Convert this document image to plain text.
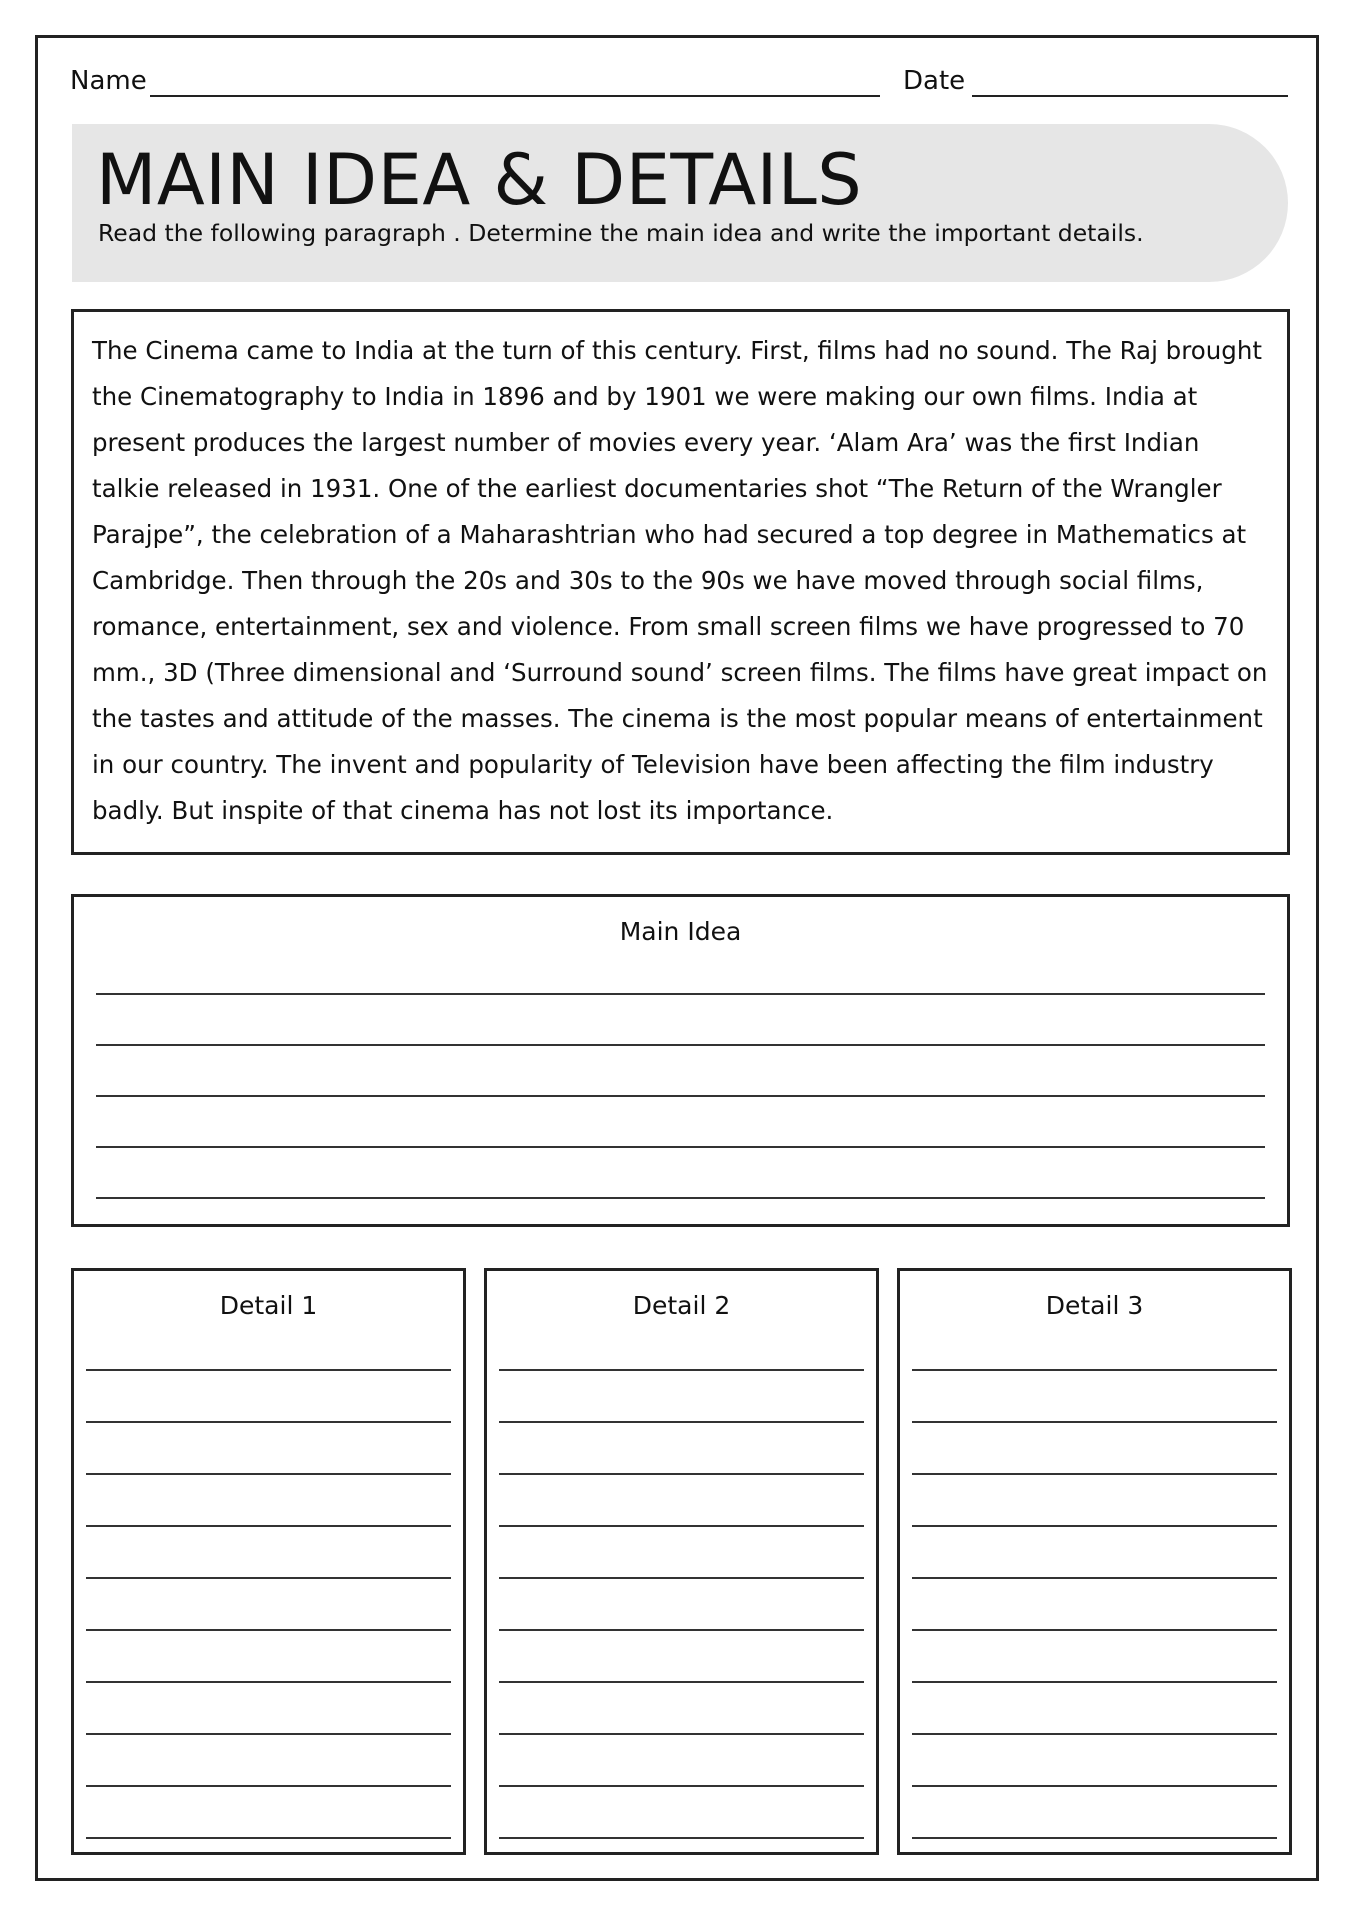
Name	Date
MAIN IDEA & DETAILS
Read the following paragraph . Determine the main idea and write the important details.

The Cinema came to India at the turn of this century. First, films had no sound. The Raj brought the Cinematography to India in 1896 and by 1901 we were making our own films. India at present produces the largest number of movies every year. ‘Alam Ara’ was the first Indian talkie released in 1931. One of the earliest documentaries shot “The Return of the Wrangler Parajpe”, the celebration of a Maharashtrian who had secured a top degree in Mathematics at Cambridge. Then through the 20s and 30s to the 90s we have moved through social films, romance, entertainment, sex and violence. From small screen films we have progressed to 70 mm., 3D (Three dimensional and ‘Surround sound’ screen films. The films have great impact on the tastes and attitude of the masses. The cinema is the most popular means of entertainment in our country. The invent and popularity of Television have been affecting the film industry badly. But inspite of that cinema has not lost its importance.

Main Idea
Detail 1	Detail 2	Detail 3
